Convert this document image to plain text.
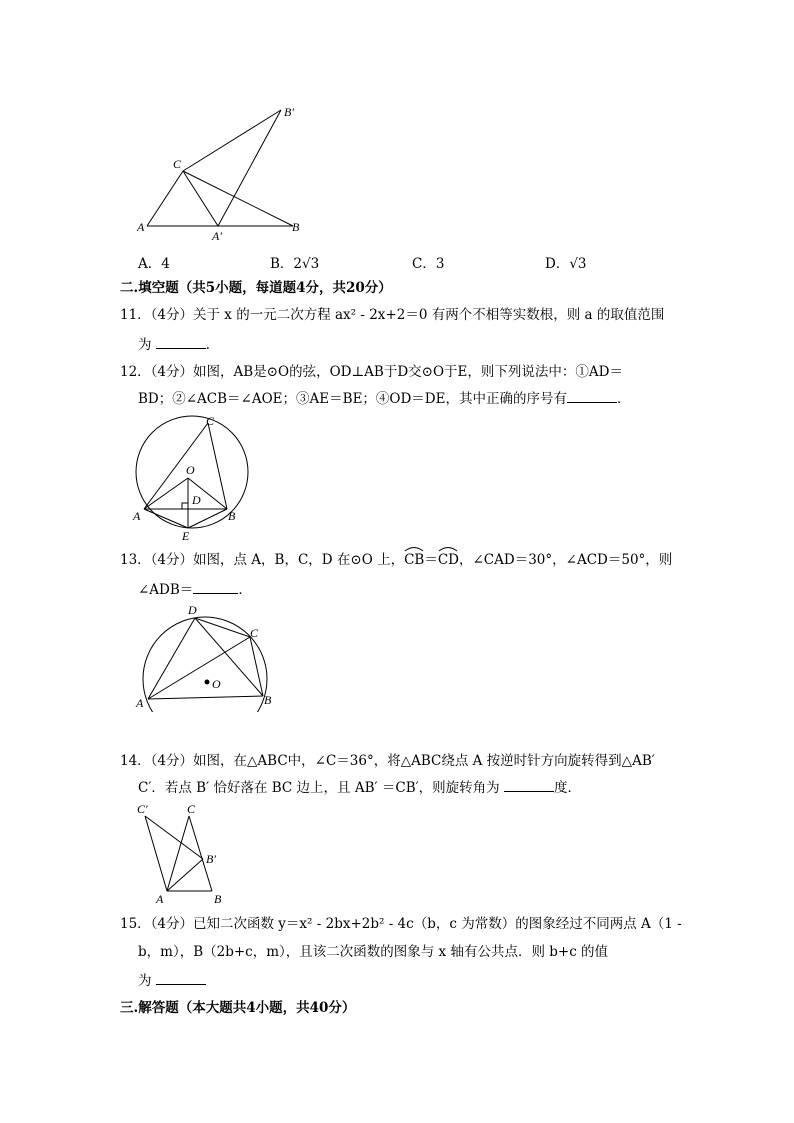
B′
C
A
A′
B
A．4	B．2√3	C．3	D．√3
二.填空题（共5小题，每道题4分，共20分）
11．（4分）关于 x 的一元二次方程 ax² - 2x+2＝0 有两个不相等实数根，则 a 的取值范围
为	．
12．（4分）如图，AB是⊙O的弦，OD⊥AB于D交⊙O于E，则下列说法中：①AD＝
BD；②∠ACB＝∠AOE；③AE＝BE；④OD＝DE，其中正确的序号有	．
C
O
D
A	B
E
13．（4分）如图，点 A，B，C，D 在⊙O 上，
CB＝
CD，∠CAD＝30°，∠ACD＝50°，则
∠ADB＝	．
D
C
O
A	B
14．（4分）如图，在△ABC中，∠C＝36°，将△ABC绕点 A 按逆时针方向旋转得到△AB′
C′．若点 B′ 恰好落在 BC 边上，且 AB′ ＝CB′，则旋转角为	度．
C′	C
B′
A	B
15．（4分）已知二次函数 y＝x² - 2bx+2b² - 4c（b，c 为常数）的图象经过不同两点 A（1 -
b，m），B（2b+c，m），且该二次函数的图象与 x 轴有公共点．则 b+c 的值
为
三.解答题（本大题共4小题，共40分）
